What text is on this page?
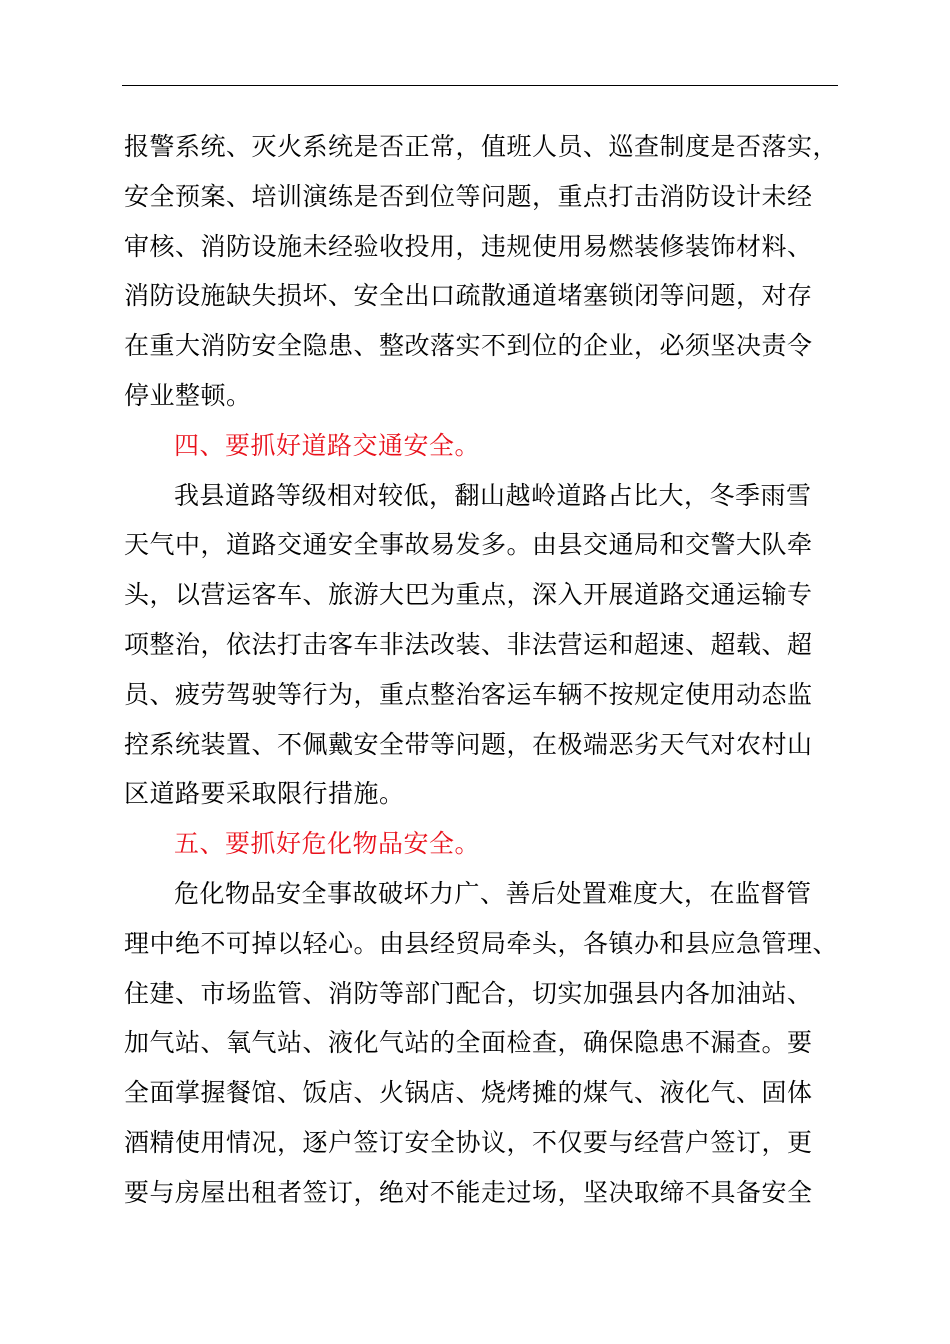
报警系统、灭火系统是否正常，值班人员、巡查制度是否落实，
安全预案、培训演练是否到位等问题，重点打击消防设计未经
审核、消防设施未经验收投用，违规使用易燃装修装饰材料、
消防设施缺失损坏、安全出口疏散通道堵塞锁闭等问题，对存
在重大消防安全隐患、整改落实不到位的企业，必须坚决责令
停业整顿。
四、要抓好道路交通安全。
我县道路等级相对较低，翻山越岭道路占比大，冬季雨雪
天气中，道路交通安全事故易发多。由县交通局和交警大队牵
头，以营运客车、旅游大巴为重点，深入开展道路交通运输专
项整治，依法打击客车非法改装、非法营运和超速、超载、超
员、疲劳驾驶等行为，重点整治客运车辆不按规定使用动态监
控系统装置、不佩戴安全带等问题，在极端恶劣天气对农村山
区道路要采取限行措施。
五、要抓好危化物品安全。
危化物品安全事故破坏力广、善后处置难度大，在监督管
理中绝不可掉以轻心。由县经贸局牵头，各镇办和县应急管理、
住建、市场监管、消防等部门配合，切实加强县内各加油站、
加气站、氧气站、液化气站的全面检查，确保隐患不漏查。要
全面掌握餐馆、饭店、火锅店、烧烤摊的煤气、液化气、固体
酒精使用情况，逐户签订安全协议，不仅要与经营户签订，更
要与房屋出租者签订，绝对不能走过场，坚决取缔不具备安全
